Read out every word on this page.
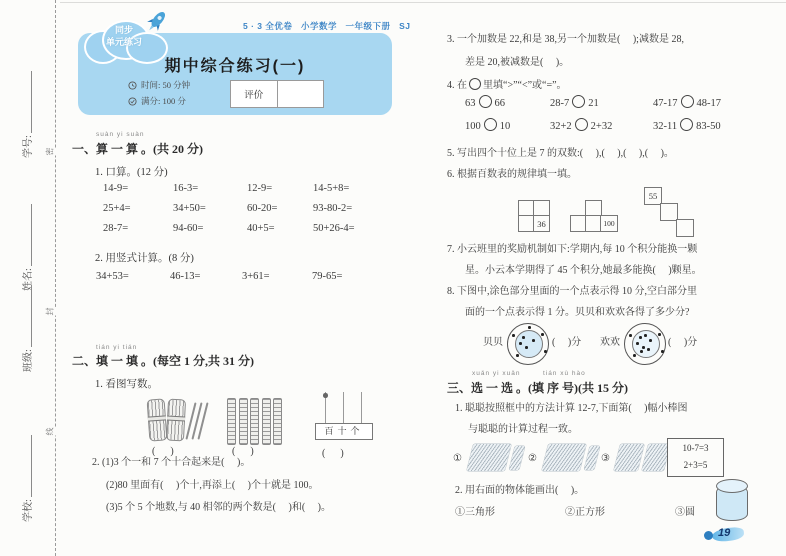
学号:
姓名:
班级:
学校:
密
封
线
5 · 3 全优卷   小学数学   一年级下册   SJ
期中综合练习(一)
时间: 50 分钟
满分: 100 分	评价
同步
单元练习
suàn yi suàn
一、算 一 算 。(共 20 分)
1. 口算。(12 分)
14-9=	16-3=	12-9=	14-5+8=
25+4=	34+50=	60-20=	93-80-2=
28-7=	94-60=	40+5=	50+26-4=
2. 用竖式计算。(8 分)
34+53=	46-13=	3+61=	79-65=
tián yi tián
二、填 一 填 。(每空 1 分,共 31 分)
1. 看图写数。
(      )	(      )
百十个
(      )
2. (1)3 个一和 7 个十合起来是(     )。
(2)80 里面有(     )个十,再添上(     )个十就是 100。
(3)5 个 5 个地数,与 40 相邻的两个数是(     )和(     )。
3. 一个加数是 22,和是 38,另一个加数是(     );减数是 28,
差是 20,被减数是(     )。
4. 在 里填“>”“<”或“=”。
63 66	28-7 21	47-17 48-17
100 10	32+2 2+32	32-11 83-50
5. 写出四个十位上是 7 的双数:(     ),(     ),(     ),(     )。
6. 根据百数表的规律填一填。
36	100
55
7. 小云班里的奖励机制如下:学期内,每 10 个积分能换一颗
星。小云本学期得了 45 个积分,她最多能换(     )颗星。
8. 下图中,涂色部分里面的一个点表示得 10 分,空白部分里
面的一个点表示得 1 分。贝贝和欢欢各得了多少分?
贝贝	(     )分 欢欢	(     )分
xuǎn yi xuǎn        tián xù hào
三、选 一 选 。(填 序 号)(共 15 分)
1. 聪聪按照框中的方法计算 12-7,下面第(     )幅小棒图
与聪聪的计算过程一致。
①	②	③
10-7=3
2+3=5
2. 用右面的物体能画出(     )。
①三角形	②正方形	③圆
19
